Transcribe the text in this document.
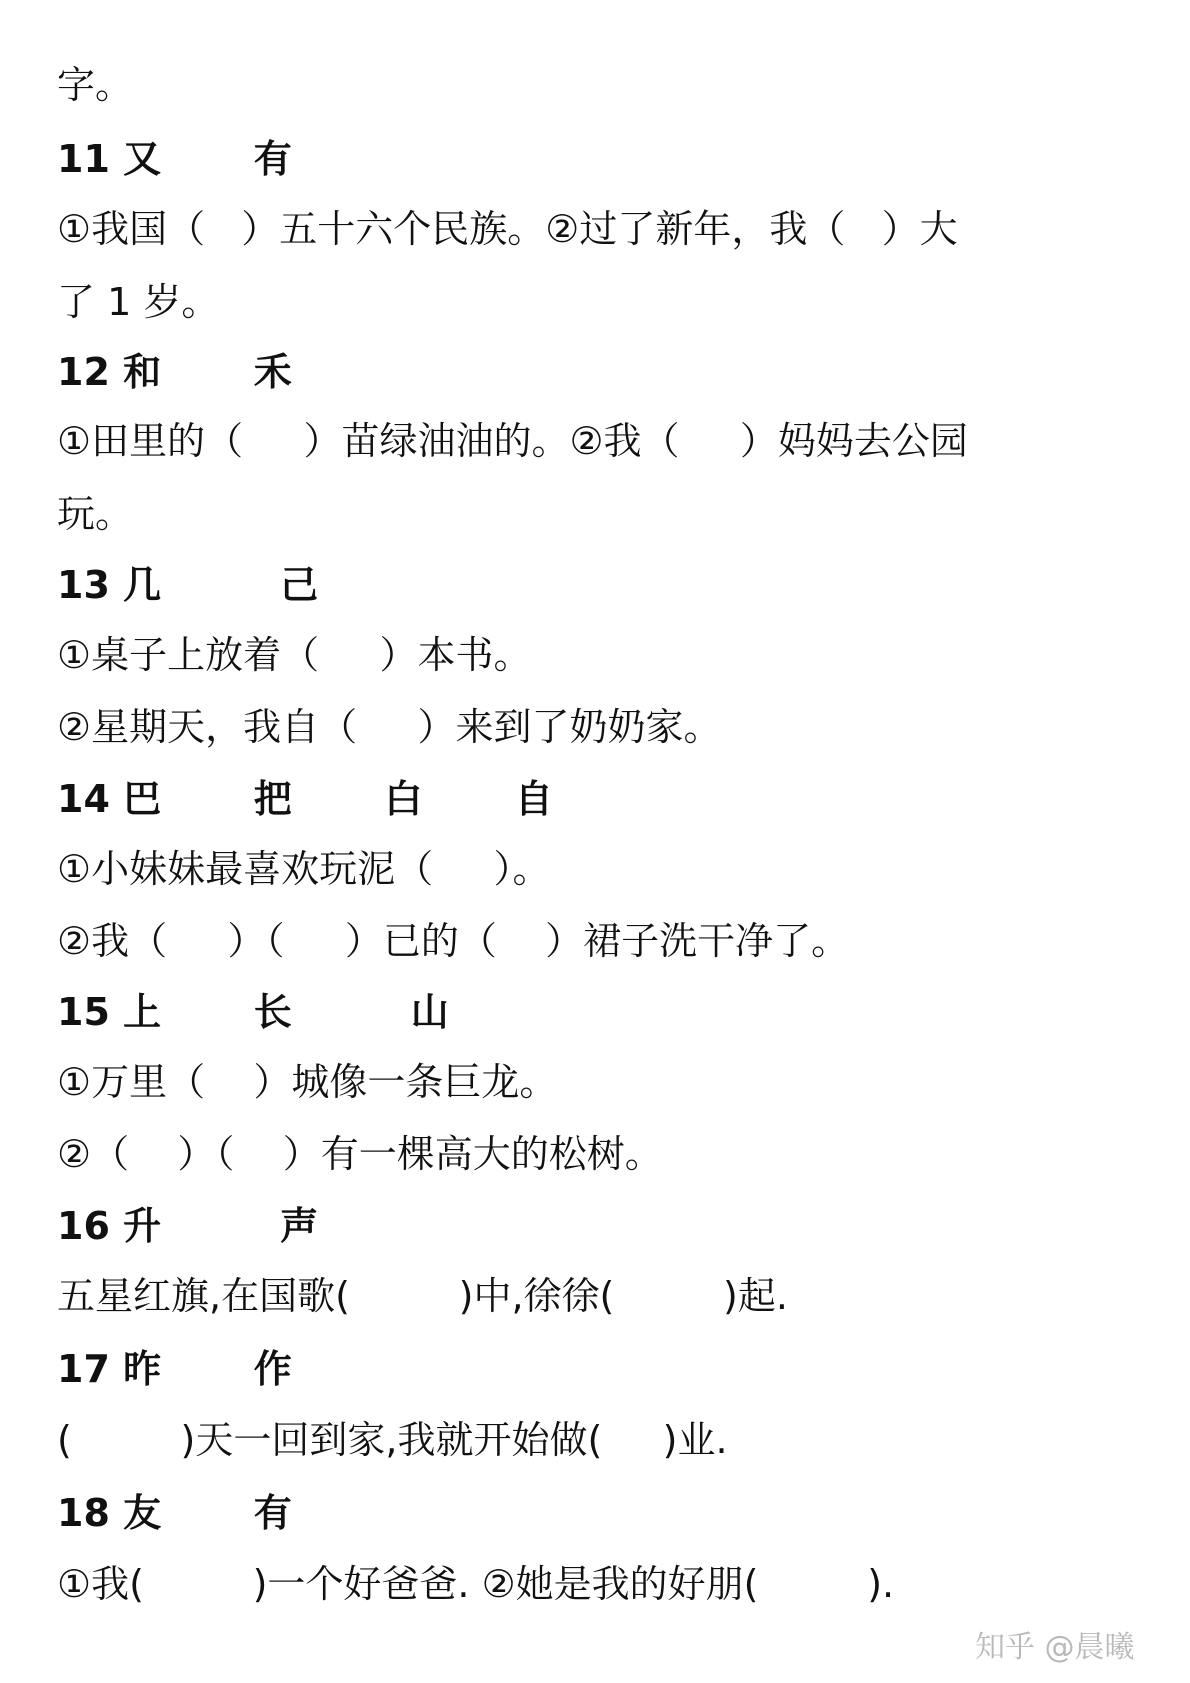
字。

11 又       有

①我国（   ）五十六个民族。②过了新年，我（   ）大

了 1 岁。

12 和       禾

①田里的（     ）苗绿油油的。②我（     ）妈妈去公园

玩。

13 几         己

①桌子上放着（     ）本书。

②星期天，我自（     ）来到了奶奶家。

14 巴       把       白       自

①小妹妹最喜欢玩泥（     ）。

②我（     ）（     ）已的（    ）裙子洗干净了。

15 上       长         山

①万里（    ）城像一条巨龙。

②（    ）（    ）有一棵高大的松树。

16 升         声

五星红旗,在国歌(         )中,徐徐(         )起.

17 昨       作

(         )天一回到家,我就开始做(     )业.

18 友       有

①我(         )一个好爸爸. ②她是我的好朋(         ).

知乎 @晨曦
